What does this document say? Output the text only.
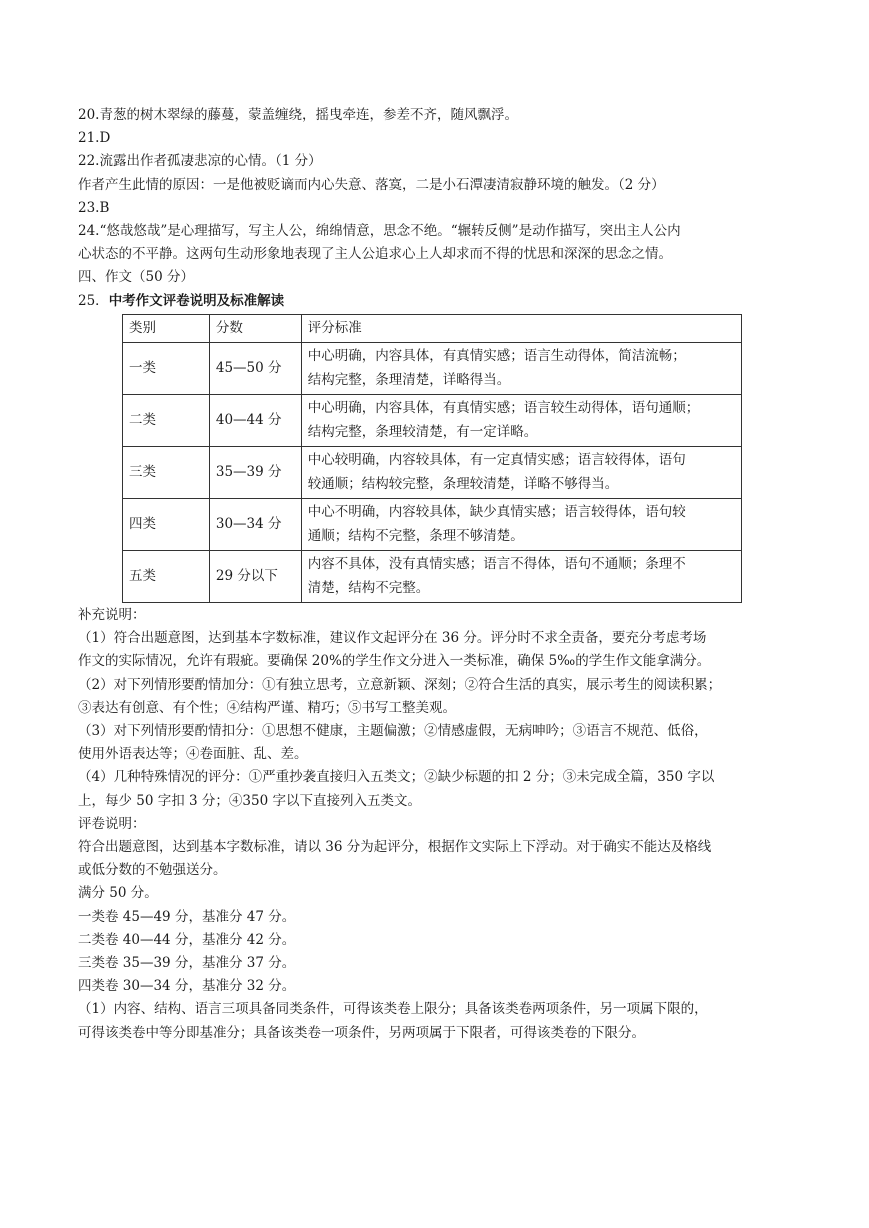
20.青葱的树木翠绿的藤蔓，蒙盖缠绕，摇曳牵连，参差不齐，随风飘浮。
21.D
22.流露出作者孤凄悲凉的心情。（1 分）
作者产生此情的原因：一是他被贬谪而内心失意、落寞，二是小石潭凄清寂静环境的触发。（2 分）
23.B
24.“悠哉悠哉”是心理描写，写主人公，绵绵情意，思念不绝。“辗转反侧”是动作描写，突出主人公内
心状态的不平静。这两句生动形象地表现了主人公追求心上人却求而不得的忧思和深深的思念之情。
四、作文（50 分）
25．中考作文评卷说明及标准解读
类别	分数	评分标准
一类	45—50 分	中心明确，内容具体，有真情实感；语言生动得体，简洁流畅；
结构完整，条理清楚，详略得当。

二类	40—44 分	中心明确，内容具体，有真情实感；语言较生动得体，语句通顺；
结构完整，条理较清楚，有一定详略。

三类	35—39 分	中心较明确，内容较具体，有一定真情实感；语言较得体，语句
较通顺；结构较完整，条理较清楚，详略不够得当。

四类	30—34 分	中心不明确，内容较具体，缺少真情实感；语言较得体，语句较
通顺；结构不完整，条理不够清楚。

五类	29 分以下	内容不具体，没有真情实感；语言不得体，语句不通顺；条理不
清楚，结构不完整。
补充说明：
（1）符合出题意图，达到基本字数标准，建议作文起评分在 36 分。评分时不求全责备，要充分考虑考场
作文的实际情况，允许有瑕疵。要确保 20%的学生作文分进入一类标准，确保 5‰的学生作文能拿满分。
（2）对下列情形要酌情加分：①有独立思考，立意新颖、深刻；②符合生活的真实，展示考生的阅读积累；
③表达有创意、有个性；④结构严谨、精巧；⑤书写工整美观。
（3）对下列情形要酌情扣分：①思想不健康，主题偏激；②情感虚假，无病呻吟；③语言不规范、低俗，
使用外语表达等；④卷面脏、乱、差。
（4）几种特殊情况的评分：①严重抄袭直接归入五类文；②缺少标题的扣 2 分；③未完成全篇，350 字以
上，每少 50 字扣 3 分；④350 字以下直接列入五类文。
评卷说明：
符合出题意图，达到基本字数标准，请以 36 分为起评分，根据作文实际上下浮动。对于确实不能达及格线
或低分数的不勉强送分。
满分 50 分。
一类卷 45—49 分，基准分 47 分。
二类卷 40—44 分，基准分 42 分。
三类卷 35—39 分，基准分 37 分。
四类卷 30—34 分，基准分 32 分。
（1）内容、结构、语言三项具备同类条件，可得该类卷上限分；具备该类卷两项条件，另一项属下限的，
可得该类卷中等分即基准分；具备该类卷一项条件，另两项属于下限者，可得该类卷的下限分。
